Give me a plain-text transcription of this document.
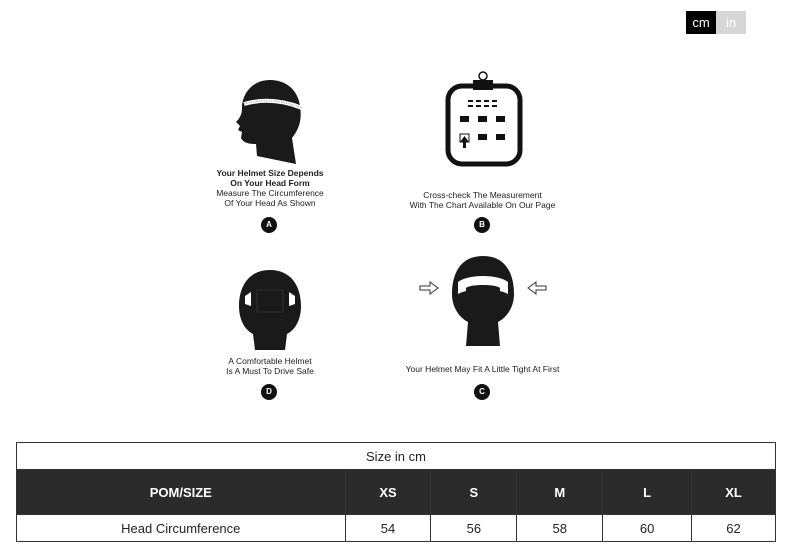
cm	in
Your Helmet Size Depends
On Your Head Form
Measure The Circumference
Of Your Head As Shown
A
Cross-check The Measurement
With The Chart Available On Our Page
B
A Comfortable Helmet
Is A Must To Drive Safe
D
Your Helmet May Fit A Little Tight At First
C
Size in cm					
POM/SIZE	XS	S	M	L	XL
Head Circumference	54	56	58	60	62
